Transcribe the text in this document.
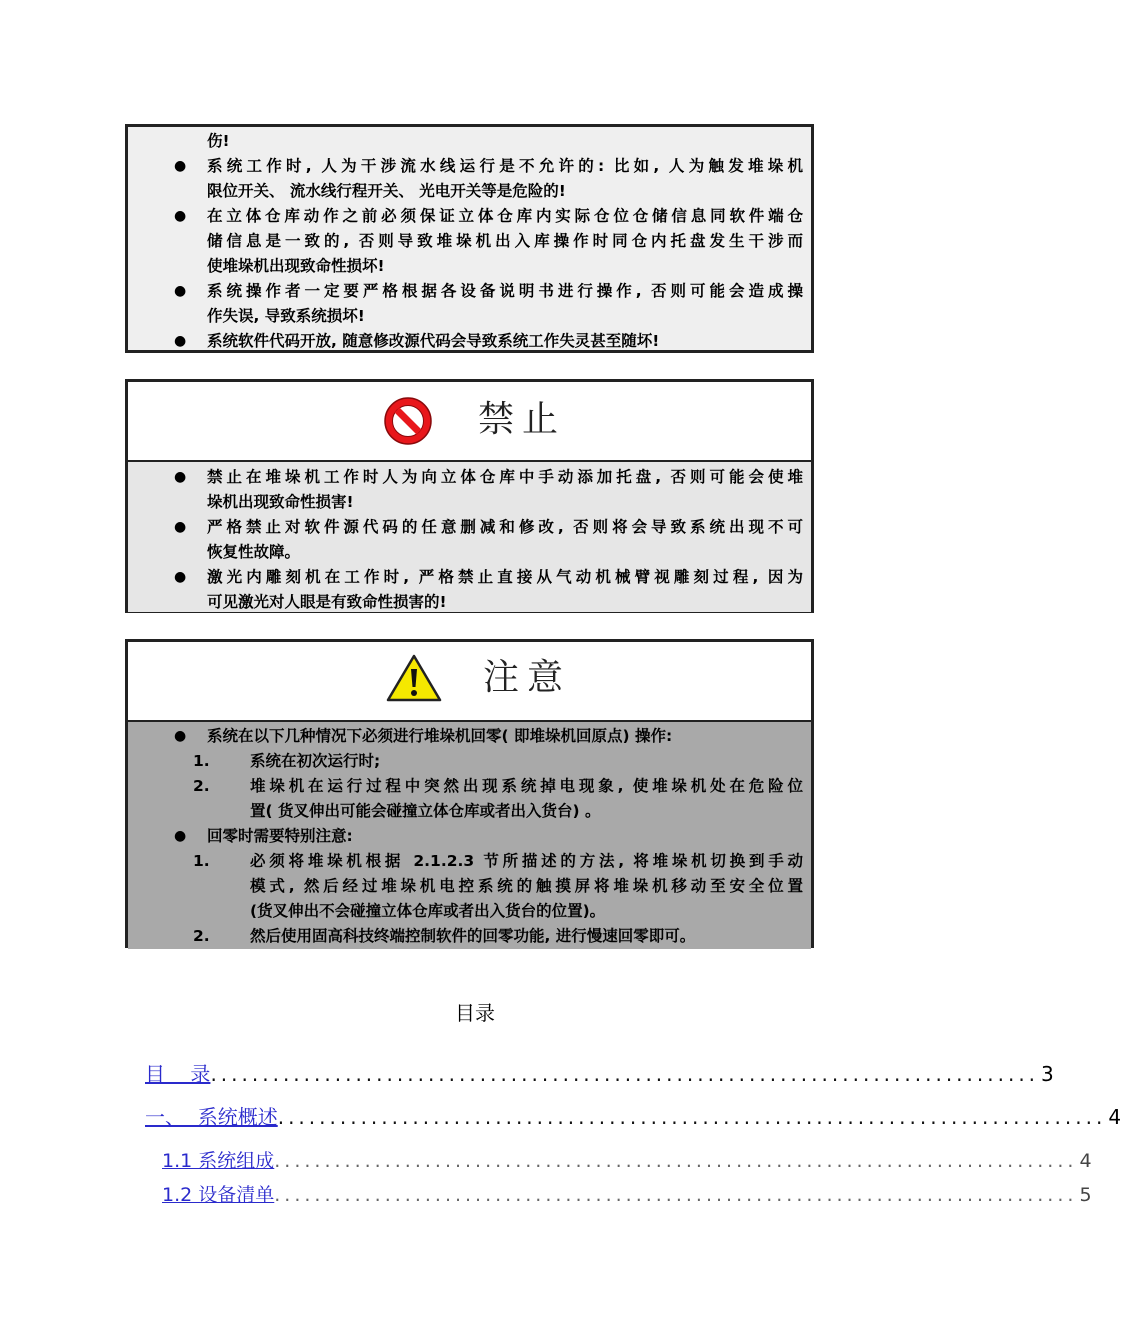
伤!
● 系统工作时, 人为干涉流水线运行是不允许的: 比如, 人为触发堆垛机
限位开关、 流水线行程开关、 光电开关等是危险的!
● 在立体仓库动作之前必须保证立体仓库内实际仓位仓储信息同软件端仓
储信息是一致的, 否则导致堆垛机出入库操作时同仓内托盘发生干涉而
使堆垛机出现致命性损坏!
● 系统操作者一定要严格根据各设备说明书进行操作, 否则可能会造成操
作失误, 导致系统损坏!
● 系统软件代码开放, 随意修改源代码会导致系统工作失灵甚至随坏!
禁止
● 禁止在堆垛机工作时人为向立体仓库中手动添加托盘, 否则可能会使堆
垛机出现致命性损害!
● 严格禁止对软件源代码的任意删减和修改, 否则将会导致系统出现不可
恢复性故障。
● 激光内雕刻机在工作时, 严格禁止直接从气动机械臂视雕刻过程, 因为
可见激光对人眼是有致命性损害的!
注意
● 系统在以下几种情况下必须进行堆垛机回零( 即堆垛机回原点) 操作:
1.	系统在初次运行时;
2.	堆垛机在运行过程中突然出现系统掉电现象, 使堆垛机处在危险位
置( 货叉伸出可能会碰撞立体仓库或者出入货台) 。
● 回零时需要特别注意:
1.	必须将堆垛机根据 2.1.2.3 节所描述的方法, 将堆垛机切换到手动
模式, 然后经过堆垛机电控系统的触摸屏将堆垛机移动至安全位置
(货叉伸出不会碰撞立体仓库或者出入货台的位置)。
2.	然后使用固高科技终端控制软件的回零功能, 进行慢速回零即可。
目录
目    录 ................................................................................ 3
一、  系统概述 ................................................................................ 4
1.1 系统组成 ................................................................................ 4
1.2 设备清单 ................................................................................ 5
